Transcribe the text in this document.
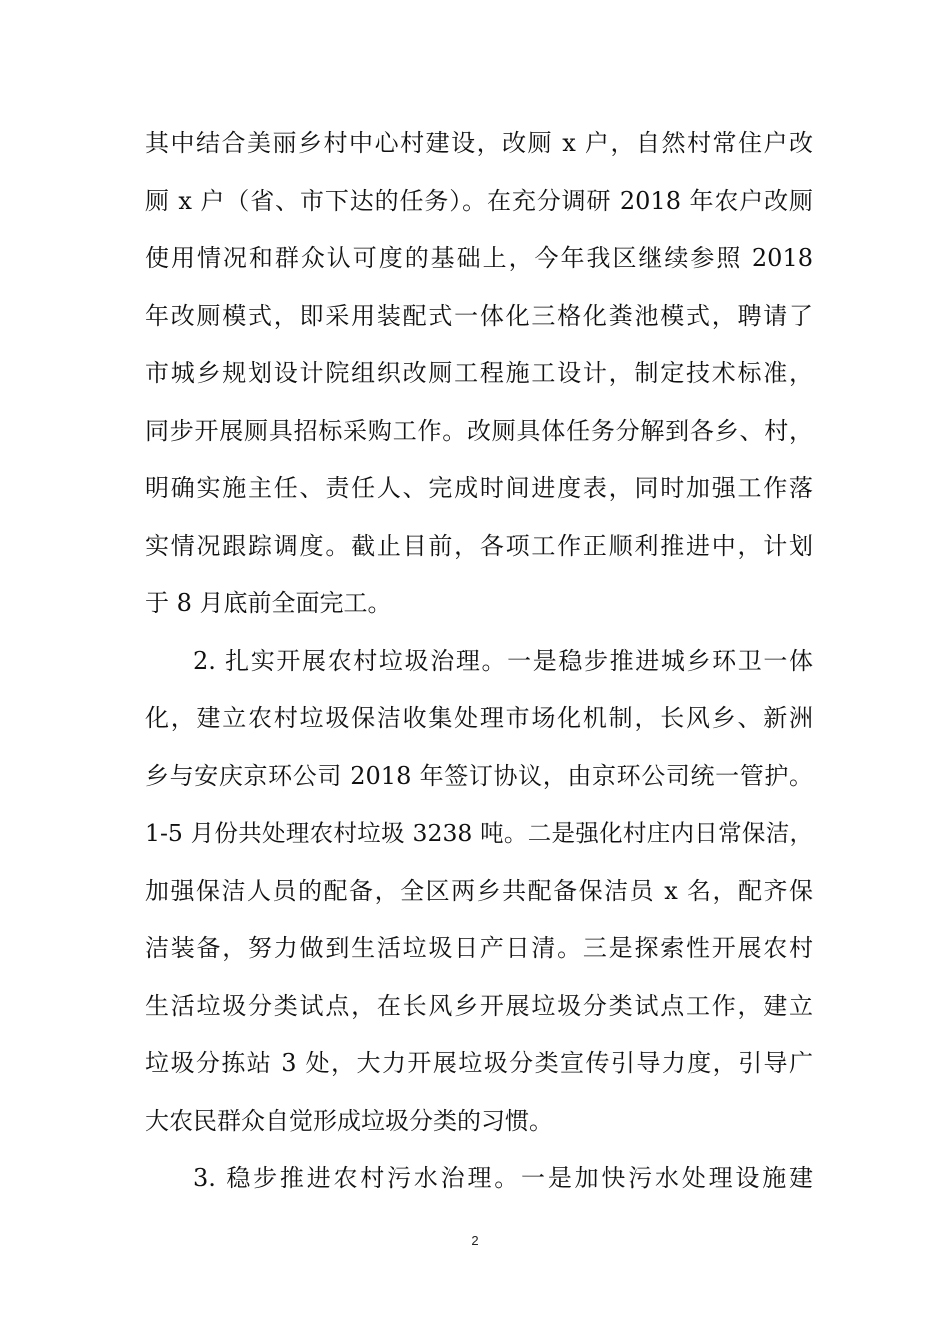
其中结合美丽乡村中心村建设，改厕 x 户，自然村常住户改
厕 x 户（省、市下达的任务）。在充分调研 2018 年农户改厕
使用情况和群众认可度的基础上，今年我区继续参照 2018
年改厕模式，即采用装配式一体化三格化粪池模式，聘请了
市城乡规划设计院组织改厕工程施工设计，制定技术标准，
同步开展厕具招标采购工作。改厕具体任务分解到各乡、村，
明确实施主任、责任人、完成时间进度表，同时加强工作落
实情况跟踪调度。截止目前，各项工作正顺利推进中，计划
于 8 月底前全面完工。
2. 扎实开展农村垃圾治理。一是稳步推进城乡环卫一体
化，建立农村垃圾保洁收集处理市场化机制，长风乡、新洲
乡与安庆京环公司 2018 年签订协议，由京环公司统一管护。
1-5 月份共处理农村垃圾 3238 吨。二是强化村庄内日常保洁，
加强保洁人员的配备，全区两乡共配备保洁员 x 名，配齐保
洁装备，努力做到生活垃圾日产日清。三是探索性开展农村
生活垃圾分类试点，在长风乡开展垃圾分类试点工作，建立
垃圾分拣站 3 处，大力开展垃圾分类宣传引导力度，引导广
大农民群众自觉形成垃圾分类的习惯。
3. 稳步推进农村污水治理。一是加快污水处理设施建
2
